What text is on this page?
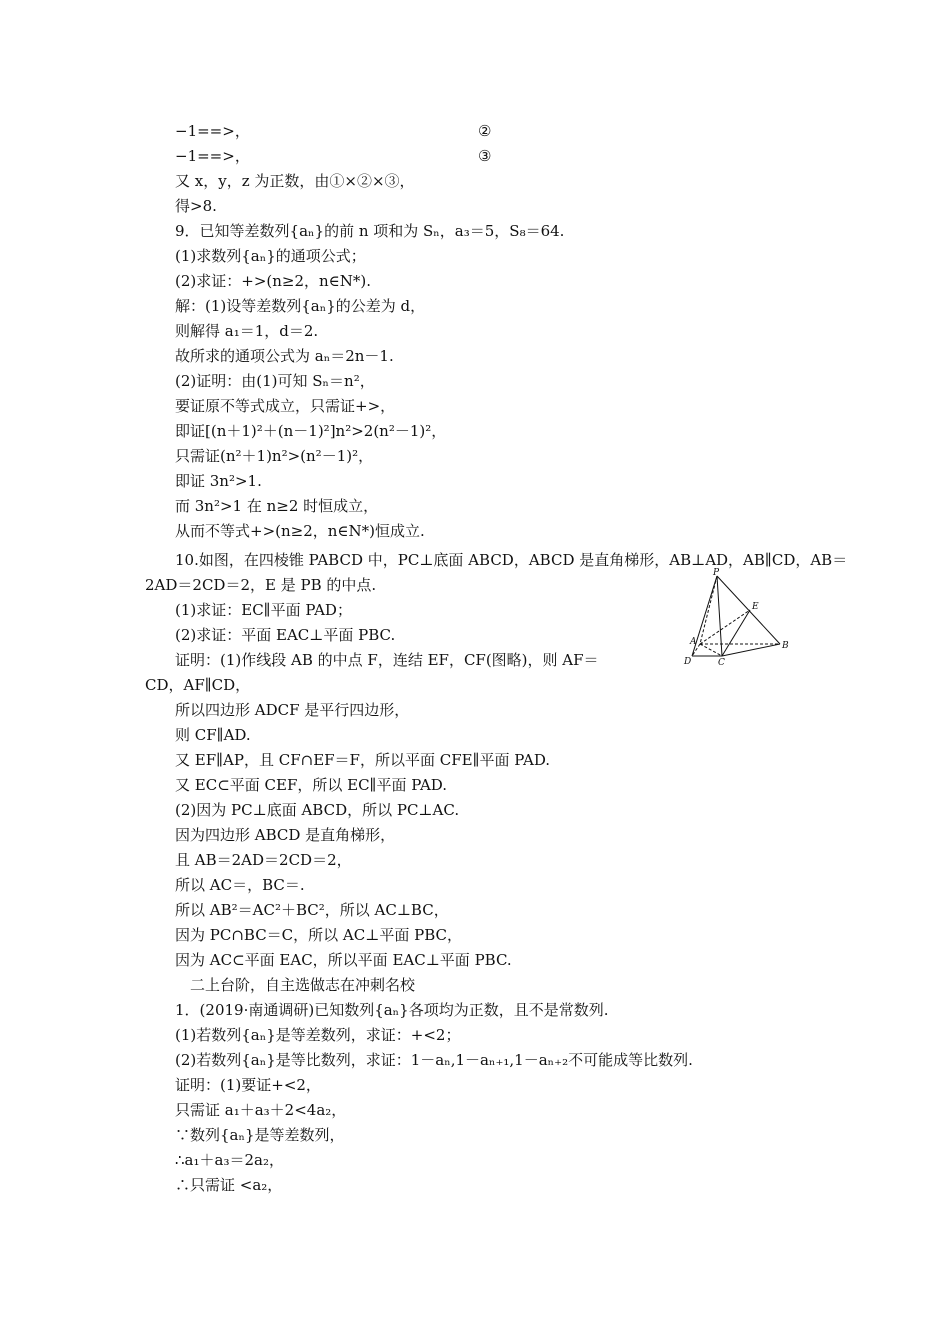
−1==>，	②
−1==>，	③
又 x，y，z 为正数，由①×②×③，
得>8.
9．已知等差数列{aₙ}的前 n 项和为 Sₙ，a₃＝5，S₈＝64.
(1)求数列{aₙ}的通项公式；
(2)求证：+>(n≥2，n∈N*).
解：(1)设等差数列{aₙ}的公差为 d，
则解得 a₁＝1，d＝2.
故所求的通项公式为 aₙ＝2n－1.
(2)证明：由(1)可知 Sₙ＝n²，
要证原不等式成立，只需证+>，
即证[(n＋1)²＋(n－1)²]n²>2(n²－1)²，
只需证(n²＋1)n²>(n²－1)²，
即证 3n²>1.
而 3n²>1 在 n≥2 时恒成立，
从而不等式+>(n≥2，n∈N*)恒成立.
10.如图，在四棱锥 PABCD 中，PC⊥底面 ABCD，ABCD 是直角梯形，AB⊥AD，AB∥CD，AB＝
2AD＝2CD＝2，E 是 PB 的中点.
(1)求证：EC∥平面 PAD；
(2)求证：平面 EAC⊥平面 PBC.
证明：(1)作线段 AB 的中点 F，连结 EF，CF(图略)，则 AF＝
CD，AF∥CD，
所以四边形 ADCF 是平行四边形，
则 CF∥AD.
又 EF∥AP，且 CF∩EF＝F，所以平面 CFE∥平面 PAD.
又 EC⊂平面 CEF，所以 EC∥平面 PAD.
(2)因为 PC⊥底面 ABCD，所以 PC⊥AC.
因为四边形 ABCD 是直角梯形，
且 AB＝2AD＝2CD＝2，
所以 AC＝，BC＝.
所以 AB²＝AC²＋BC²，所以 AC⊥BC，
因为 PC∩BC＝C，所以 AC⊥平面 PBC，
因为 AC⊂平面 EAC，所以平面 EAC⊥平面 PBC.
二上台阶，自主选做志在冲刺名校
1．(2019·南通调研)已知数列{aₙ}各项均为正数，且不是常数列.
(1)若数列{aₙ}是等差数列，求证：+<2；
(2)若数列{aₙ}是等比数列，求证：1－aₙ,1－aₙ₊₁,1－aₙ₊₂不可能成等比数列.
证明：(1)要证+<2，
只需证 a₁＋a₃＋2<4a₂，
∵数列{aₙ}是等差数列，
∴a₁＋a₃＝2a₂，
∴只需证 <a₂，
P
E
A	B
D	C
